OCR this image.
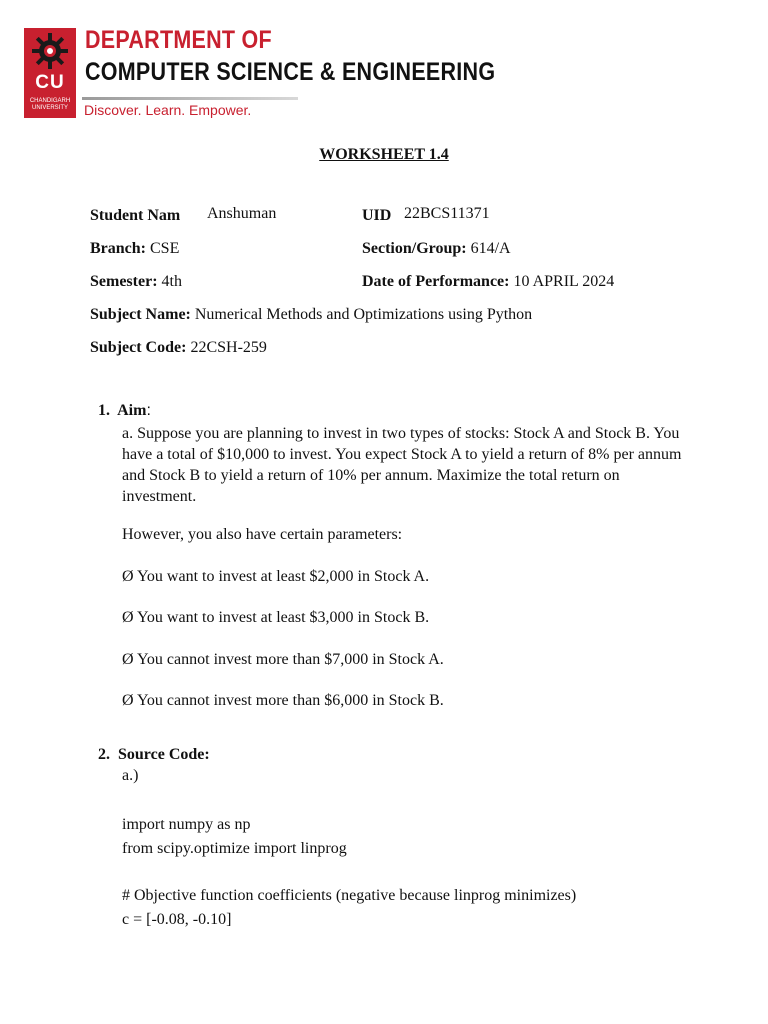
CU
CHANDIGARH UNIVERSITY
DEPARTMENT OF
COMPUTER SCIENCE & ENGINEERING
Discover. Learn. Empower.
WORKSHEET 1.4
Student Nam Anshuman	UID 22BCS11371
Branch: CSE	Section/Group: 614/A
Semester: 4th	Date of Performance: 10 APRIL 2024
Subject Name: Numerical Methods and Optimizations using Python
Subject Code: 22CSH-259
1. Aim:
a. Suppose you are planning to invest in two types of stocks: Stock A and Stock B. You have a total of $10,000 to invest. You expect Stock A to yield a return of 8% per annum and Stock B to yield a return of 10% per annum. Maximize the total return on investment.
However, you also have certain parameters:
Ø You want to invest at least $2,000 in Stock A.
Ø You want to invest at least $3,000 in Stock B.
Ø You cannot invest more than $7,000 in Stock A.
Ø You cannot invest more than $6,000 in Stock B.
2. Source Code:
a.)
import numpy as np
from scipy.optimize import linprog
# Objective function coefficients (negative because linprog minimizes)
c = [-0.08, -0.10]
